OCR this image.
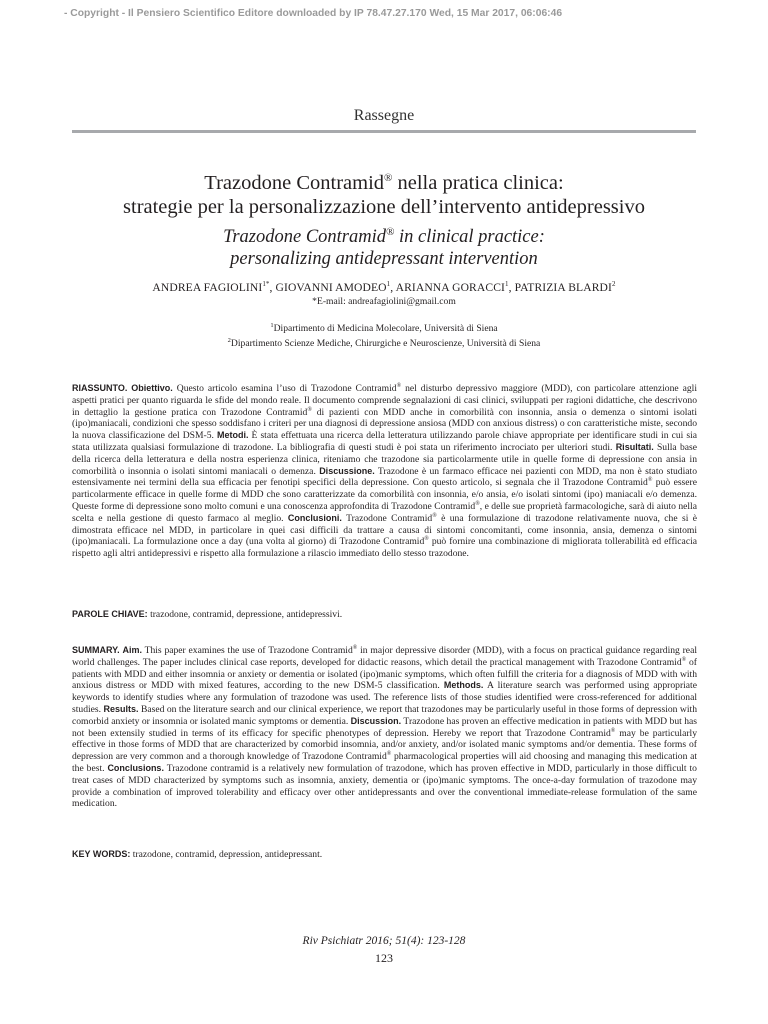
- Copyright - Il Pensiero Scientifico Editore downloaded by IP 78.47.27.170 Wed, 15 Mar 2017, 06:06:46
Rassegne
Trazodone Contramid® nella pratica clinica:
strategie per la personalizzazione dell’intervento antidepressivo
Trazodone Contramid® in clinical practice:
personalizing antidepressant intervention
ANDREA $FAGIOLINI^{1*}$, GIOVANNI AMODEO$^1$, ARIANNA GORACCI$^1$, PATRIZIA BLARDI$^2$
*E-mail: andreafagiolini@gmail.com
$^1$Dipartimento di Medicina Molecolare, Università di Siena
$^2$Dipartimento Scienze Mediche, Chirurgiche e Neuroscienze, Università di Siena
RIASSUNTO. Obiettivo. Questo articolo esamina l’uso di Trazodone Contramid® nel disturbo depressivo maggiore (MDD), con particolare attenzione agli aspetti pratici per quanto riguarda le sfide del mondo reale. Il documento comprende segnalazioni di casi clinici, sviluppati per ragioni didattiche, che descrivono in dettaglio la gestione pratica con Trazodone Contramid® di pazienti con MDD anche in comorbilità con insonnia, ansia o demenza o sintomi isolati (ipo)maniacali, condizioni che spesso soddisfano i criteri per una diagnosi di depressione ansiosa (MDD con anxious distress) o con caratteristiche miste, secondo la nuova classificazione del DSM-5. Metodi. È stata effettuata una ricerca della letteratura utilizzando parole chiave appropriate per identificare studi in cui sia stata utilizzata qualsiasi formulazione di trazodone. La bibliografia di questi studi è poi stata un riferimento incrociato per ulteriori studi. Risultati. Sulla base della ricerca della letteratura e della nostra esperienza clinica, riteniamo che trazodone sia particolarmente utile in quelle forme di depressione con ansia in comorbilità o insonnia o isolati sintomi maniacali o demenza. Discussione. Trazodone è un farmaco efficace nei pazienti con MDD, ma non è stato studiato estensivamente nei termini della sua efficacia per fenotipi specifici della depressione. Con questo articolo, si segnala che il Trazodone Contramid® può essere particolarmente efficace in quelle forme di MDD che sono caratterizzate da comorbilità con insonnia, e/o ansia, e/o isolati sintomi (ipo) maniacali e/o demenza. Queste forme di depressione sono molto comuni e una conoscenza approfondita di Trazodone Contramid®, e delle sue proprietà farmacologiche, sarà di aiuto nella scelta e nella gestione di questo farmaco al meglio. Conclusioni. Trazodone Contramid® è una formulazione di trazodone relativamente nuova, che si è dimostrata efficace nel MDD, in particolare in quei casi difficili da trattare a causa di sintomi concomitanti, come insonnia, ansia, demenza o sintomi (ipo)maniacali. La formulazione once a day (una volta al giorno) di Trazodone Contramid® può fornire una combinazione di migliorata tollerabilità ed efficacia rispetto agli altri antidepressivi e rispetto alla formulazione a rilascio immediato dello stesso trazodone.
PAROLE CHIAVE: trazodone, contramid, depressione, antidepressivi.
SUMMARY. Aim. This paper examines the use of Trazodone Contramid® in major depressive disorder (MDD), with a focus on practical guidance regarding real world challenges. The paper includes clinical case reports, developed for didactic reasons, which detail the practical management with Trazodone Contramid® of patients with MDD and either insomnia or anxiety or dementia or isolated (ipo)manic symptoms, which often fulfill the criteria for a diagnosis of MDD with with anxious distress or MDD with mixed features, according to the new DSM-5 classification. Methods. A literature search was performed using appropriate keywords to identify studies where any formulation of trazodone was used. The reference lists of those studies identified were cross-referenced for additional studies. Results. Based on the literature search and our clinical experience, we report that trazodones may be particularly useful in those forms of depression with comorbid anxiety or insomnia or isolated manic symptoms or dementia. Discussion. Trazodone has proven an effective medication in patients with MDD but has not been extensily studied in terms of its efficacy for specific phenotypes of depression. Hereby we report that Trazodone Contramid® may be particularly effective in those forms of MDD that are characterized by comorbid insomnia, and/or anxiety, and/or isolated manic symptoms and/or dementia. These forms of depression are very common and a thorough knowledge of Trazodone Contramid® pharmacological properties will aid choosing and managing this medication at the best. Conclusions. Trazodone contramid is a relatively new formulation of trazodone, which has proven effective in MDD, particularly in those difficult to treat cases of MDD characterized by symptoms such as insomnia, anxiety, dementia or (ipo)manic symptoms. The once-a-day formulation of trazodone may provide a combination of improved tolerability and efficacy over other antidepressants and over the conventional immediate-release formulation of the same medication.
KEY WORDS: trazodone, contramid, depression, antidepressant.
Riv Psichiatr 2016; 51(4): 123-128
123
